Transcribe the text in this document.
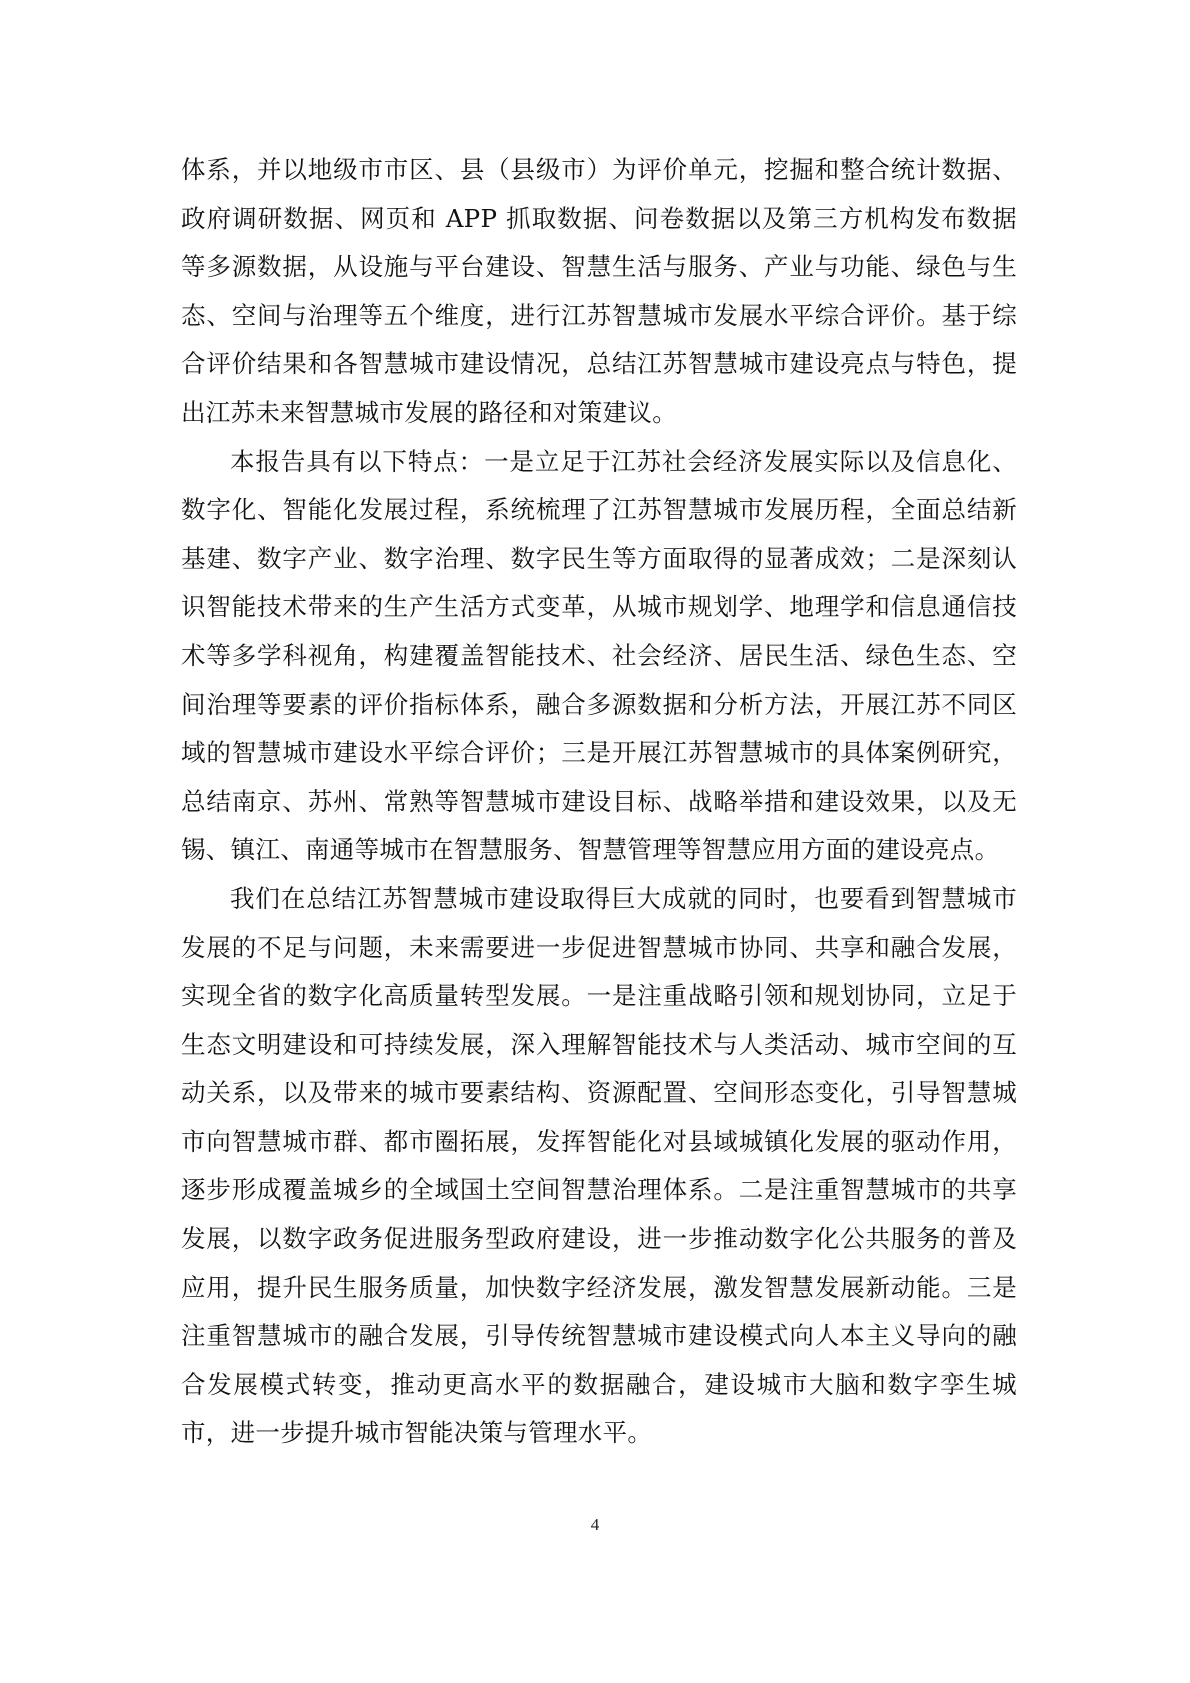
体系，并以地级市市区、县（县级市）为评价单元，挖掘和整合统计数据、政府调研数据、网页和 APP 抓取数据、问卷数据以及第三方机构发布数据等多源数据，从设施与平台建设、智慧生活与服务、产业与功能、绿色与生态、空间与治理等五个维度，进行江苏智慧城市发展水平综合评价。基于综合评价结果和各智慧城市建设情况，总结江苏智慧城市建设亮点与特色，提出江苏未来智慧城市发展的路径和对策建议。

本报告具有以下特点：一是立足于江苏社会经济发展实际以及信息化、数字化、智能化发展过程，系统梳理了江苏智慧城市发展历程，全面总结新基建、数字产业、数字治理、数字民生等方面取得的显著成效；二是深刻认识智能技术带来的生产生活方式变革，从城市规划学、地理学和信息通信技术等多学科视角，构建覆盖智能技术、社会经济、居民生活、绿色生态、空间治理等要素的评价指标体系，融合多源数据和分析方法，开展江苏不同区域的智慧城市建设水平综合评价；三是开展江苏智慧城市的具体案例研究，总结南京、苏州、常熟等智慧城市建设目标、战略举措和建设效果，以及无锡、镇江、南通等城市在智慧服务、智慧管理等智慧应用方面的建设亮点。

我们在总结江苏智慧城市建设取得巨大成就的同时，也要看到智慧城市发展的不足与问题，未来需要进一步促进智慧城市协同、共享和融合发展，实现全省的数字化高质量转型发展。一是注重战略引领和规划协同，立足于生态文明建设和可持续发展，深入理解智能技术与人类活动、城市空间的互动关系，以及带来的城市要素结构、资源配置、空间形态变化，引导智慧城市向智慧城市群、都市圈拓展，发挥智能化对县域城镇化发展的驱动作用，逐步形成覆盖城乡的全域国土空间智慧治理体系。二是注重智慧城市的共享发展，以数字政务促进服务型政府建设，进一步推动数字化公共服务的普及应用，提升民生服务质量，加快数字经济发展，激发智慧发展新动能。三是注重智慧城市的融合发展，引导传统智慧城市建设模式向人本主义导向的融合发展模式转变，推动更高水平的数据融合，建设城市大脑和数字孪生城市，进一步提升城市智能决策与管理水平。

4
